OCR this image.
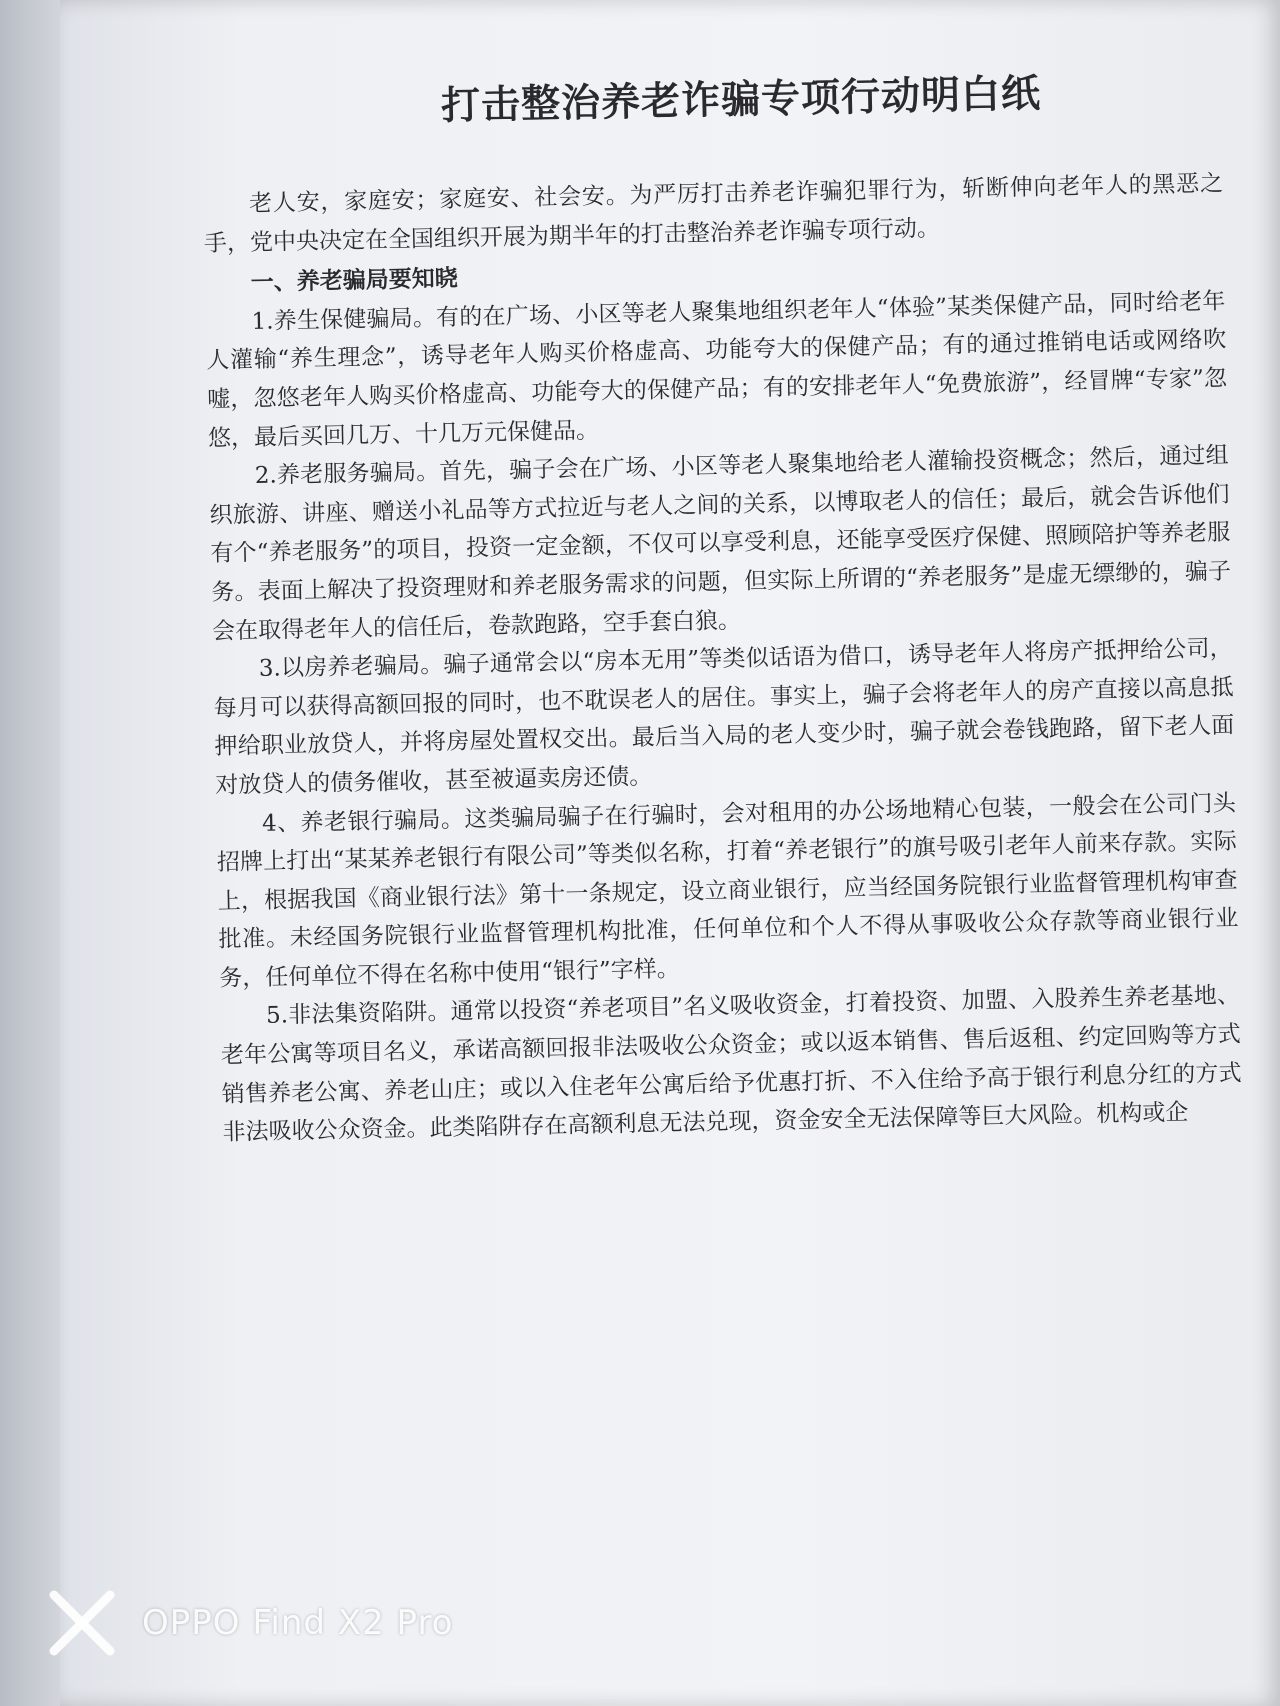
打击整治养老诈骗专项行动明白纸

老人安，家庭安；家庭安、社会安。为严厉打击养老诈骗犯罪行为，斩断伸向老年人的黑恶之手，党中央决定在全国组织开展为期半年的打击整治养老诈骗专项行动。

一、养老骗局要知晓

1.养生保健骗局。有的在广场、小区等老人聚集地组织老年人“体验”某类保健产品，同时给老年人灌输“养生理念”，诱导老年人购买价格虚高、功能夸大的保健产品；有的通过推销电话或网络吹嘘，忽悠老年人购买价格虚高、功能夸大的保健产品；有的安排老年人“免费旅游”，经冒牌“专家”忽悠，最后买回几万、十几万元保健品。

2.养老服务骗局。首先，骗子会在广场、小区等老人聚集地给老人灌输投资概念；然后，通过组织旅游、讲座、赠送小礼品等方式拉近与老人之间的关系，以博取老人的信任；最后，就会告诉他们有个“养老服务”的项目，投资一定金额，不仅可以享受利息，还能享受医疗保健、照顾陪护等养老服务。表面上解决了投资理财和养老服务需求的问题，但实际上所谓的“养老服务”是虚无缥缈的，骗子会在取得老年人的信任后，卷款跑路，空手套白狼。

3.以房养老骗局。骗子通常会以“房本无用”等类似话语为借口，诱导老年人将房产抵押给公司，每月可以获得高额回报的同时，也不耽误老人的居住。事实上，骗子会将老年人的房产直接以高息抵押给职业放贷人，并将房屋处置权交出。最后当入局的老人变少时，骗子就会卷钱跑路，留下老人面对放贷人的债务催收，甚至被逼卖房还债。

4、养老银行骗局。这类骗局骗子在行骗时，会对租用的办公场地精心包装，一般会在公司门头招牌上打出“某某养老银行有限公司”等类似名称，打着“养老银行”的旗号吸引老年人前来存款。实际上，根据我国《商业银行法》第十一条规定，设立商业银行，应当经国务院银行业监督管理机构审查批准。未经国务院银行业监督管理机构批准，任何单位和个人不得从事吸收公众存款等商业银行业务，任何单位不得在名称中使用“银行”字样。

5.非法集资陷阱。通常以投资“养老项目”名义吸收资金，打着投资、加盟、入股养生养老基地、老年公寓等项目名义，承诺高额回报非法吸收公众资金；或以返本销售、售后返租、约定回购等方式销售养老公寓、养老山庄；或以入住老年公寓后给予优惠打折、不入住给予高于银行利息分红的方式非法吸收公众资金。此类陷阱存在高额利息无法兑现，资金安全无法保障等巨大风险。机构或企

OPPO Find X2 Pro
